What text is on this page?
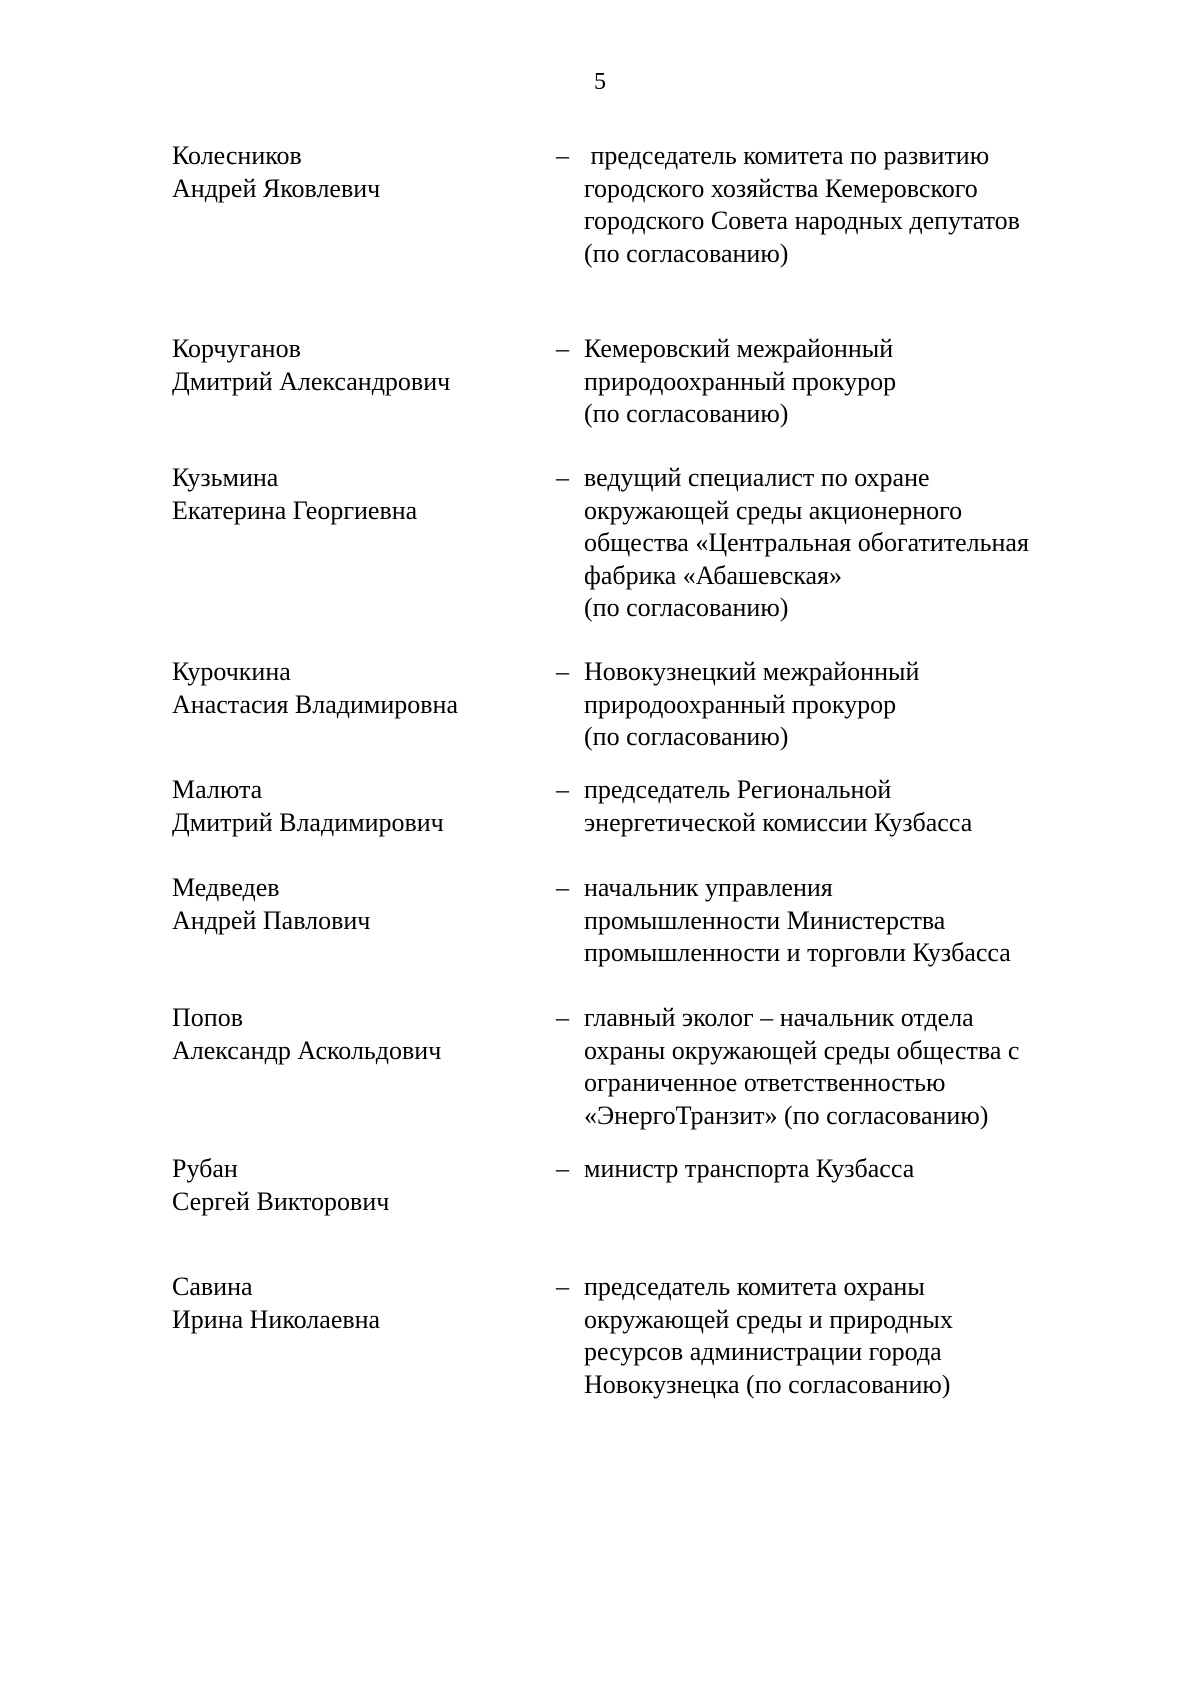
5
Колесников
Андрей Яковлевич
– председатель комитета по развитию
городского хозяйства Кемеровского
городского Совета народных депутатов
(по согласованию)
Корчуганов
Дмитрий Александрович
– Кемеровский межрайонный
природоохранный прокурор
(по согласованию)
Кузьмина
Екатерина Георгиевна
– ведущий специалист по охране
окружающей среды акционерного
общества «Центральная обогатительная
фабрика «Абашевская»
(по согласованию)
Курочкина
Анастасия Владимировна
– Новокузнецкий межрайонный
природоохранный прокурор
(по согласованию)
Малюта
Дмитрий Владимирович
– председатель Региональной
энергетической комиссии Кузбасса
Медведев
Андрей Павлович
– начальник управления
промышленности Министерства
промышленности и торговли Кузбасса
Попов
Александр Аскольдович
– главный эколог – начальник отдела
охраны окружающей среды общества с
ограниченное ответственностью
«ЭнергоТранзит» (по согласованию)
Рубан
Сергей Викторович
– министр транспорта Кузбасса
Савина
Ирина Николаевна
– председатель комитета охраны
окружающей среды и природных
ресурсов администрации города
Новокузнецка (по согласованию)
